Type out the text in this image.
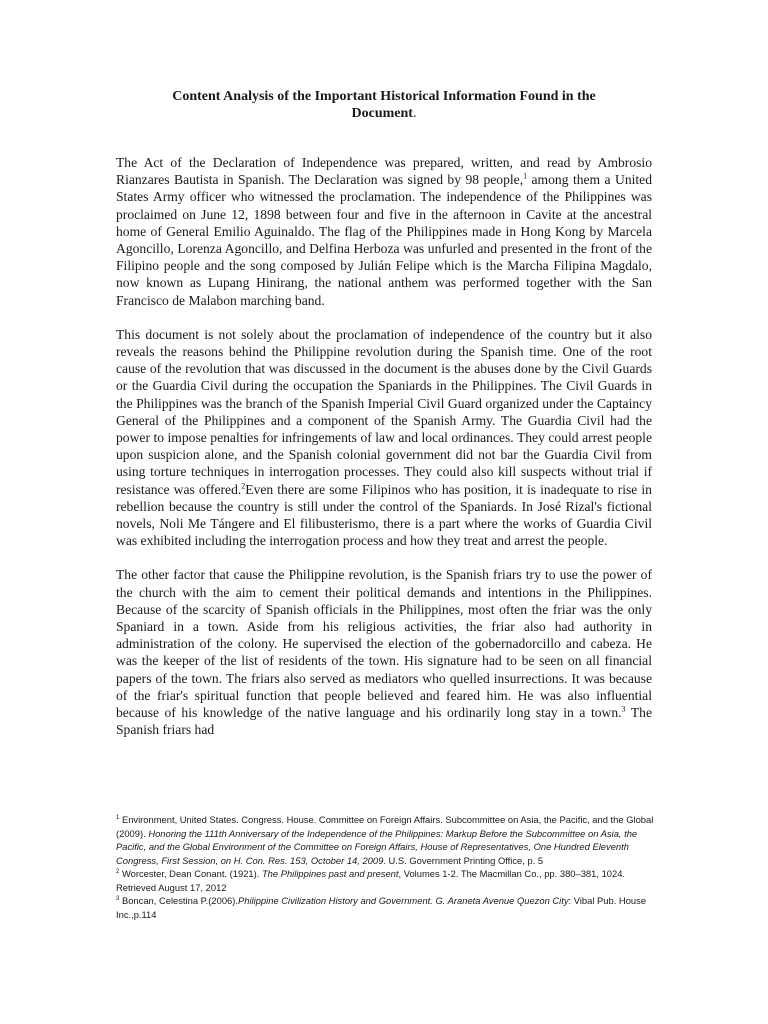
Content Analysis of the Important Historical Information Found in the Document.

The Act of the Declaration of Independence was prepared, written, and read by Ambrosio Rianzares Bautista in Spanish. The Declaration was signed by 98 people,$^1$ among them a United States Army officer who witnessed the proclamation. The independence of the Philippines was proclaimed on June 12, 1898 between four and five in the afternoon in Cavite at the ancestral home of General Emilio Aguinaldo. The flag of the Philippines made in Hong Kong by Marcela Agoncillo, Lorenza Agoncillo, and Delfina Herboza was unfurled and presented in the front of the Filipino people and the song composed by Julián Felipe which is the Marcha Filipina Magdalo, now known as Lupang Hinirang, the national anthem was performed together with the San Francisco de Malabon marching band.

This document is not solely about the proclamation of independence of the country but it also reveals the reasons behind the Philippine revolution during the Spanish time. One of the root cause of the revolution that was discussed in the document is the abuses done by the Civil Guards or the Guardia Civil during the occupation the Spaniards in the Philippines. The Civil Guards in the Philippines was the branch of the Spanish Imperial Civil Guard organized under the Captaincy General of the Philippines and a component of the Spanish Army. The Guardia Civil had the power to impose penalties for infringements of law and local ordinances. They could arrest people upon suspicion alone, and the Spanish colonial government did not bar the Guardia Civil from using torture techniques in interrogation processes. They could also kill suspects without trial if resistance was offered.$^2$Even there are some Filipinos who has position, it is inadequate to rise in rebellion because the country is still under the control of the Spaniards. In José Rizal's fictional novels, Noli Me Tángere and El filibusterismo, there is a part where the works of Guardia Civil was exhibited including the interrogation process and how they treat and arrest the people.

The other factor that cause the Philippine revolution, is the Spanish friars try to use the power of the church with the aim to cement their political demands and intentions in the Philippines. Because of the scarcity of Spanish officials in the Philippines, most often the friar was the only Spaniard in a town. Aside from his religious activities, the friar also had authority in administration of the colony. He supervised the election of the gobernadorcillo and cabeza. He was the keeper of the list of residents of the town. His signature had to be seen on all financial papers of the town. The friars also served as mediators who quelled insurrections. It was because of the friar's spiritual function that people believed and feared him. He was also influential because of his knowledge of the native language and his ordinarily long stay in a town.$^3$ The Spanish friars had

$^1$ Environment, United States. Congress. House. Committee on Foreign Affairs. Subcommittee on Asia, the Pacific, and the Global (2009). Honoring the 111th Anniversary of the Independence of the Philippines: Markup Before the Subcommittee on Asia, the Pacific, and the Global Environment of the Committee on Foreign Affairs, House of Representatives, One Hundred Eleventh Congress, First Session, on H. Con. Res. 153, October 14, 2009. U.S. Government Printing Office, p. 5

$^2$ Worcester, Dean Conant. (1921). The Philippines past and present, Volumes 1-2. The Macmillan Co., pp. 380–381, 1024. Retrieved August 17, 2012

$^3$ Boncan, Celestina P.(2006).Philippine Civilization History and Government. G. Araneta Avenue Quezon City: Vibal Pub. House Inc.,p.114
